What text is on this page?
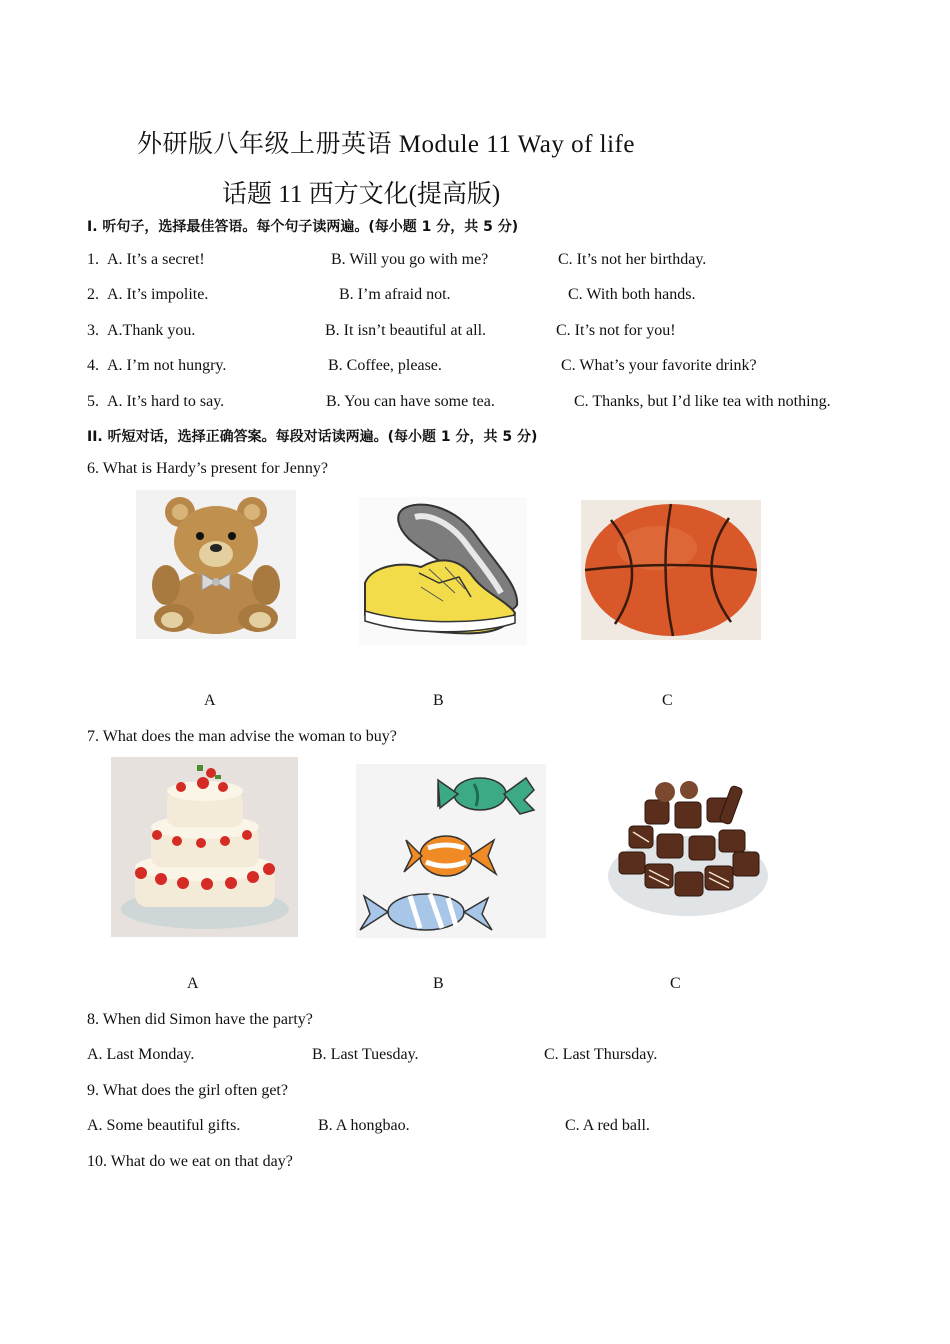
外研版八年级上册英语 Module 11 Way of life
话题 11 西方文化(提高版)
I. 听句子，选择最佳答语。每个句子读两遍。(每小题 1 分，共 5 分)
1. A. It’s a secret!	B. Will you go with me?	C. It’s not her birthday.
2. A. It’s impolite.	B. I’m afraid not.	C. With both hands.
3. A.Thank you.	B. It isn’t beautiful at all.	C. It’s not for you!
4. A. I’m not hungry.	B. Coffee, please.	C. What’s your favorite drink?
5. A. It’s hard to say.	B. You can have some tea.	C. Thanks, but I’d like tea with nothing.
II. 听短对话，选择正确答案。每段对话读两遍。(每小题 1 分，共 5 分)
6. What is Hardy’s present for Jenny?
A	B	C
7. What does the man advise the woman to buy?
A	B	C
8. When did Simon have the party?
A. Last Monday.	B. Last Tuesday.	C. Last Thursday.
9. What does the girl often get?
A. Some beautiful gifts.	B. A hongbao.	C. A red ball.
10. What do we eat on that day?
